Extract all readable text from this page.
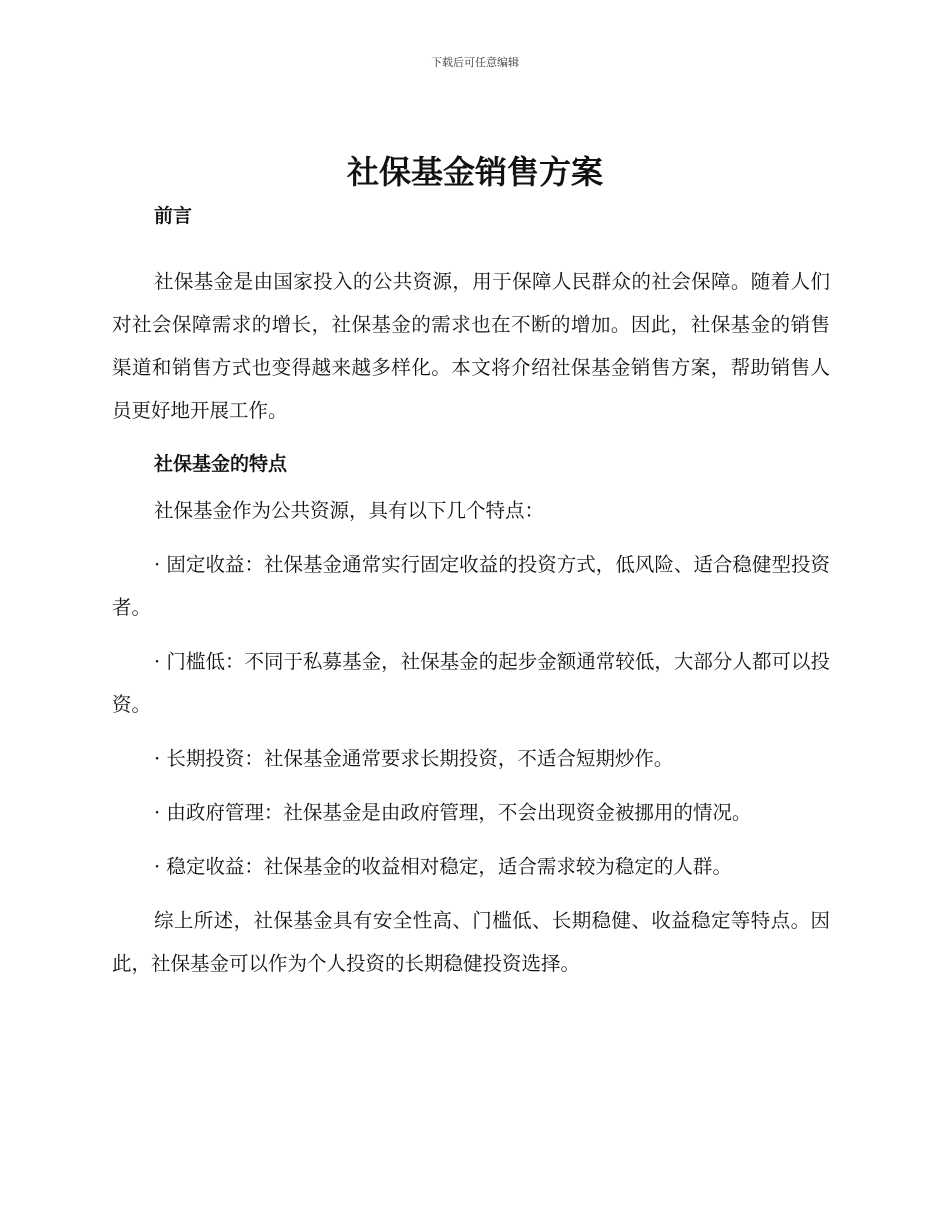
下载后可任意编辑
社保基金销售方案
前言

社保基金是由国家投入的公共资源，用于保障人民群众的社会保障。随着人们对社会保障需求的增长，社保基金的需求也在不断的增加。因此，社保基金的销售渠道和销售方式也变得越来越多样化。本文将介绍社保基金销售方案，帮助销售人员更好地开展工作。

社保基金的特点

社保基金作为公共资源，具有以下几个特点：

· 固定收益：社保基金通常实行固定收益的投资方式，低风险、适合稳健型投资者。

· 门槛低：不同于私募基金，社保基金的起步金额通常较低，大部分人都可以投资。

· 长期投资：社保基金通常要求长期投资，不适合短期炒作。

· 由政府管理：社保基金是由政府管理，不会出现资金被挪用的情况。

· 稳定收益：社保基金的收益相对稳定，适合需求较为稳定的人群。

综上所述，社保基金具有安全性高、门槛低、长期稳健、收益稳定等特点。因此，社保基金可以作为个人投资的长期稳健投资选择。
